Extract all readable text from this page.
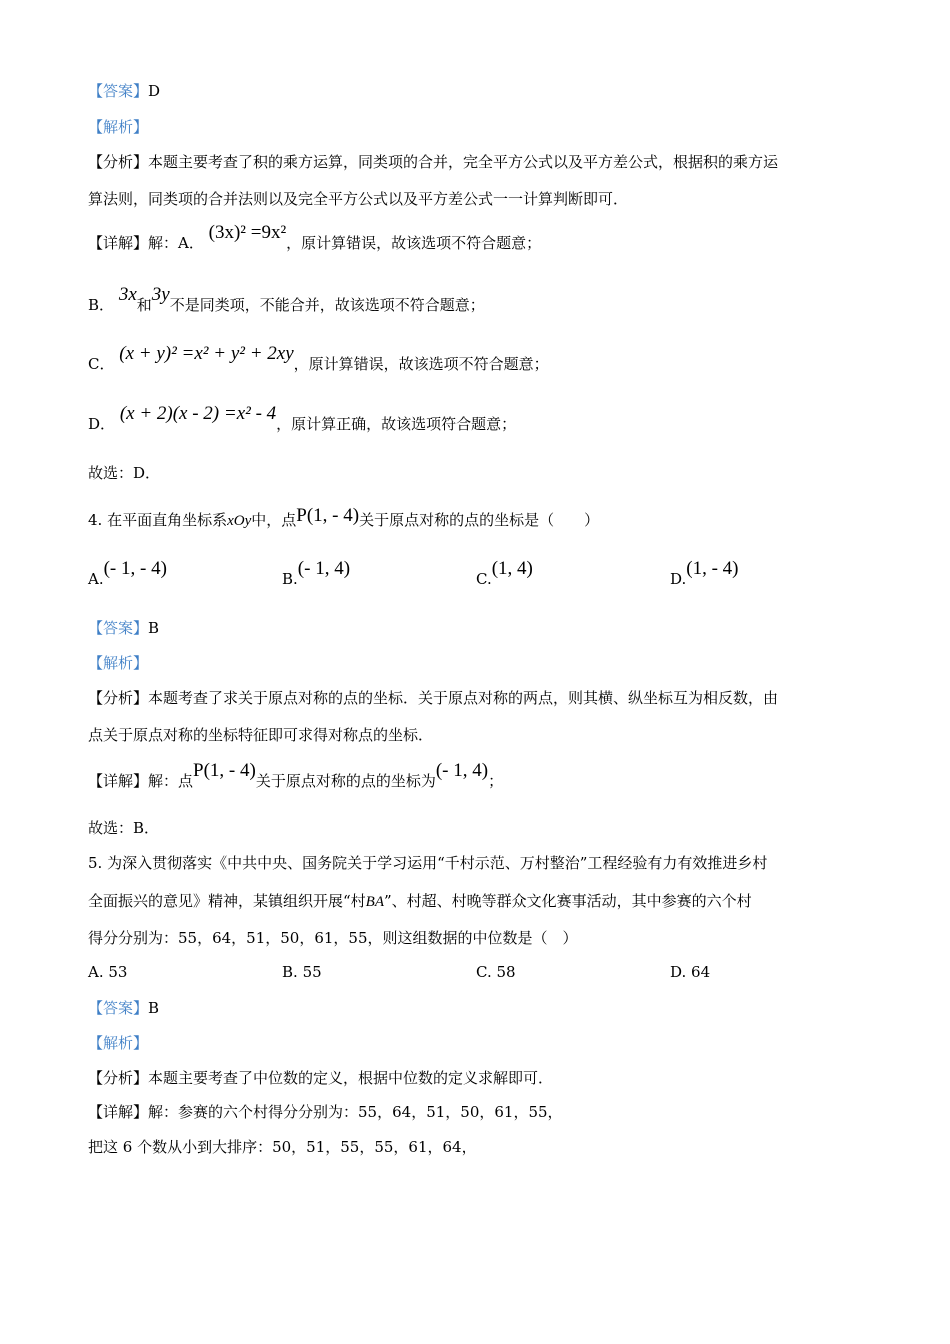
【答案】D
【解析】
【分析】本题主要考查了积的乘方运算，同类项的合并，完全平方公式以及平方差公式，根据积的乘方运
算法则，同类项的合并法则以及完全平方公式以及平方差公式一一计算判断即可．
【详解】解：A． (3x)² =9x²，原计算错误，故该选项不符合题意；
B． 3x和3y不是同类项，不能合并，故该选项不符合题意；
C． (x + y)² =x² + y² + 2xy，原计算错误，故该选项不符合题意；
D． (x + 2)(x - 2) =x² - 4，原计算正确，故该选项符合题意；
故选：D．
4. 在平面直角坐标系xOy中，点P(1, - 4)关于原点对称的点的坐标是（　　）
A.(- 1, - 4)	B.(- 1, 4)	C.(1, 4)	D.(1, - 4)
【答案】B
【解析】
【分析】本题考查了求关于原点对称的点的坐标．关于原点对称的两点，则其横、纵坐标互为相反数，由
点关于原点对称的坐标特征即可求得对称点的坐标．
【详解】解：点P(1, - 4)关于原点对称的点的坐标为(- 1, 4)；
故选：B．
5. 为深入贯彻落实《中共中央、国务院关于学习运用“千村示范、万村整治”工程经验有力有效推进乡村
全面振兴的意见》精神，某镇组织开展“村BA”、村超、村晚等群众文化赛事活动，其中参赛的六个村
得分分别为：55，64，51，50，61，55，则这组数据的中位数是（　）
A. 53	B. 55	C. 58	D. 64
【答案】B
【解析】
【分析】本题主要考查了中位数的定义，根据中位数的定义求解即可．
【详解】解：参赛的六个村得分分别为：55，64，51，50，61，55，
把这 6 个数从小到大排序：50，51，55，55，61，64，
